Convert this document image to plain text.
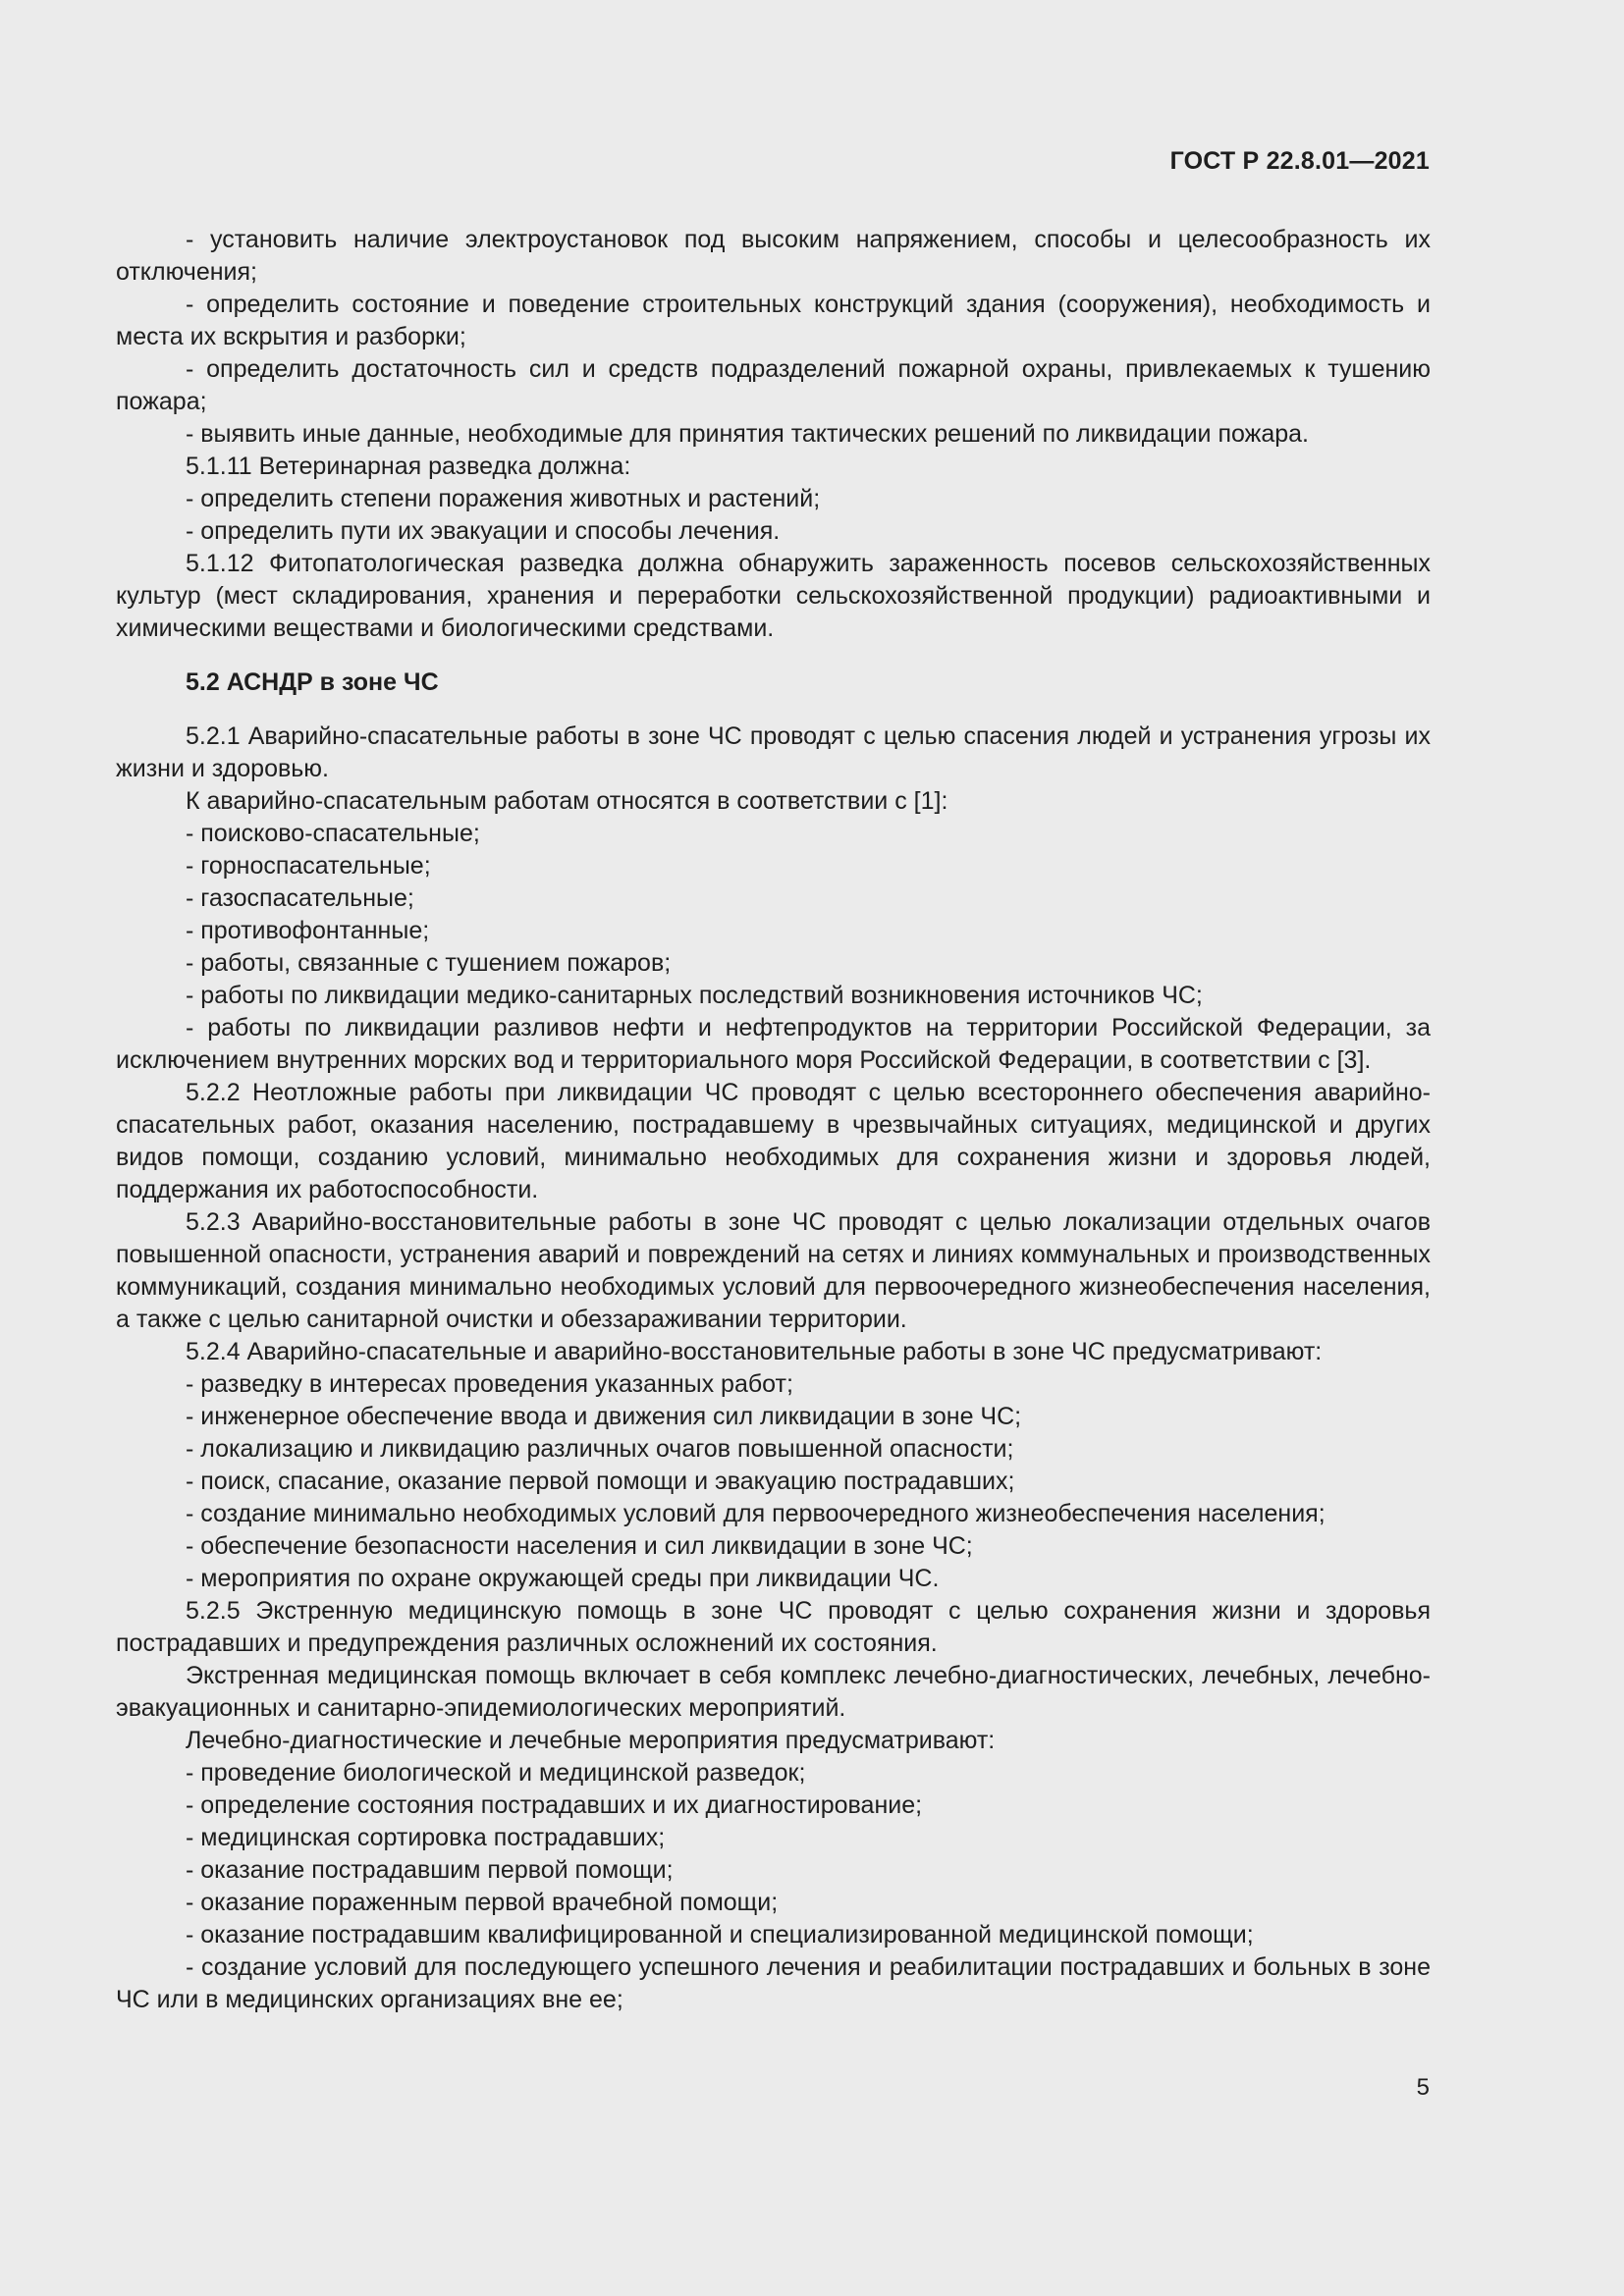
ГОСТ Р 22.8.01—2021
- установить наличие электроустановок под высоким напряжением, способы и целесообразность их отключения;
- определить состояние и поведение строительных конструкций здания (сооружения), необходимость и места их вскрытия и разборки;
- определить достаточность сил и средств подразделений пожарной охраны, привлекаемых к тушению пожара;
- выявить иные данные, необходимые для принятия тактических решений по ликвидации пожара.
5.1.11 Ветеринарная разведка должна:
- определить степени поражения животных и растений;
- определить пути их эвакуации и способы лечения.
5.1.12 Фитопатологическая разведка должна обнаружить зараженность посевов сельскохозяйственных культур (мест складирования, хранения и переработки сельскохозяйственной продукции) радиоактивными и химическими веществами и биологическими средствами.
5.2 АСНДР в зоне ЧС
5.2.1 Аварийно-спасательные работы в зоне ЧС проводят с целью спасения людей и устранения угрозы их жизни и здоровью.
К аварийно-спасательным работам относятся в соответствии с [1]:
- поисково-спасательные;
- горноспасательные;
- газоспасательные;
- противофонтанные;
- работы, связанные с тушением пожаров;
- работы по ликвидации медико-санитарных последствий возникновения источников ЧС;
- работы по ликвидации разливов нефти и нефтепродуктов на территории Российской Федерации, за исключением внутренних морских вод и территориального моря Российской Федерации, в соответствии с [3].
5.2.2 Неотложные работы при ликвидации ЧС проводят с целью всестороннего обеспечения аварийно-спасательных работ, оказания населению, пострадавшему в чрезвычайных ситуациях, медицинской и других видов помощи, созданию условий, минимально необходимых для сохранения жизни и здоровья людей, поддержания их работоспособности.
5.2.3 Аварийно-восстановительные работы в зоне ЧС проводят с целью локализации отдельных очагов повышенной опасности, устранения аварий и повреждений на сетях и линиях коммунальных и производственных коммуникаций, создания минимально необходимых условий для первоочередного жизнеобеспечения населения, а также с целью санитарной очистки и обеззараживании территории.
5.2.4 Аварийно-спасательные и аварийно-восстановительные работы в зоне ЧС предусматривают:
- разведку в интересах проведения указанных работ;
- инженерное обеспечение ввода и движения сил ликвидации в зоне ЧС;
- локализацию и ликвидацию различных очагов повышенной опасности;
- поиск, спасание, оказание первой помощи и эвакуацию пострадавших;
- создание минимально необходимых условий для первоочередного жизнеобеспечения населения;
- обеспечение безопасности населения и сил ликвидации в зоне ЧС;
- мероприятия по охране окружающей среды при ликвидации ЧС.
5.2.5 Экстренную медицинскую помощь в зоне ЧС проводят с целью сохранения жизни и здоровья пострадавших и предупреждения различных осложнений их состояния.
Экстренная медицинская помощь включает в себя комплекс лечебно-диагностических, лечебных, лечебно-эвакуационных и санитарно-эпидемиологических мероприятий.
Лечебно-диагностические и лечебные мероприятия предусматривают:
- проведение биологической и медицинской разведок;
- определение состояния пострадавших и их диагностирование;
- медицинская сортировка пострадавших;
- оказание пострадавшим первой помощи;
- оказание пораженным первой врачебной помощи;
- оказание пострадавшим квалифицированной и специализированной медицинской помощи;
- создание условий для последующего успешного лечения и реабилитации пострадавших и больных в зоне ЧС или в медицинских организациях вне ее;
5
